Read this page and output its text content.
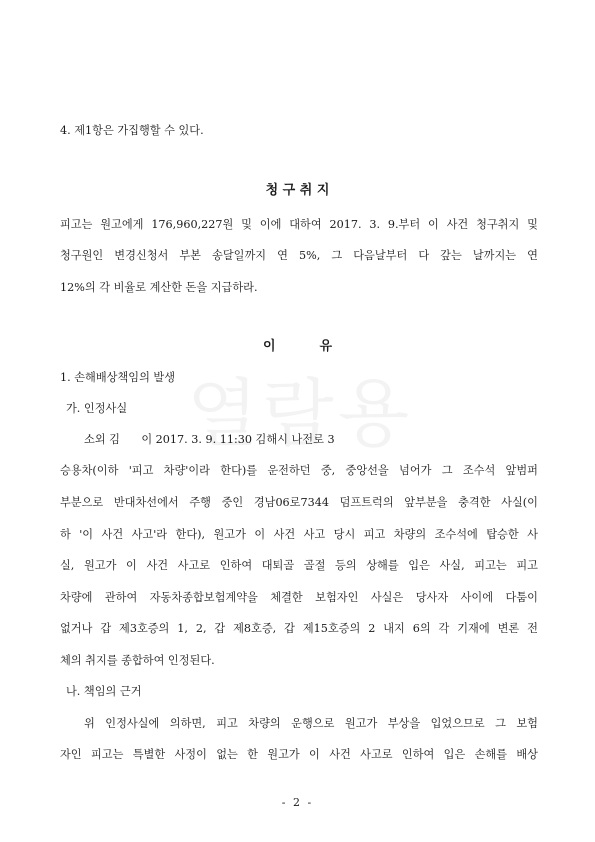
4. 제1항은 가집행할 수 있다.
청 구 취 지
피고는 원고에게 176,960,227원 및 이에 대하여 2017. 3. 9.부터 이 사건 청구취지 및
청구원인 변경신청서 부본 송달일까지 연 5%, 그 다음날부터 다 갚는 날까지는 연
12%의 각 비율로 계산한 돈을 지급하라.
이	유
1. 손해배상책임의 발생
가. 인정사실
소외 김      이 2017. 3. 9. 11:30 김해시 나전로 3
승용차(이하 '피고 차량'이라 한다)를 운전하던 중, 중앙선을 넘어가 그 조수석 앞범퍼
부분으로 반대차선에서 주행 중인 경남06로7344 덤프트럭의 앞부분을 충격한 사실(이
하 '이 사건 사고'라 한다), 원고가 이 사건 사고 당시 피고 차량의 조수석에 탑승한 사
실, 원고가 이 사건 사고로 인하여 대퇴골 골절 등의 상해를 입은 사실, 피고는 피고
차량에 관하여 자동차종합보험계약을 체결한 보험자인 사실은 당사자 사이에 다툼이
없거나 갑 제3호증의 1, 2, 갑 제8호증, 갑 제15호증의 2 내지 6의 각 기재에 변론 전
체의 취지를 종합하여 인정된다.
나. 책임의 근거
위 인정사실에 의하면, 피고 차량의 운행으로 원고가 부상을 입었으므로 그 보험
자인 피고는 특별한 사정이 없는 한 원고가 이 사건 사고로 인하여 입은 손해를 배상
- 2 -
